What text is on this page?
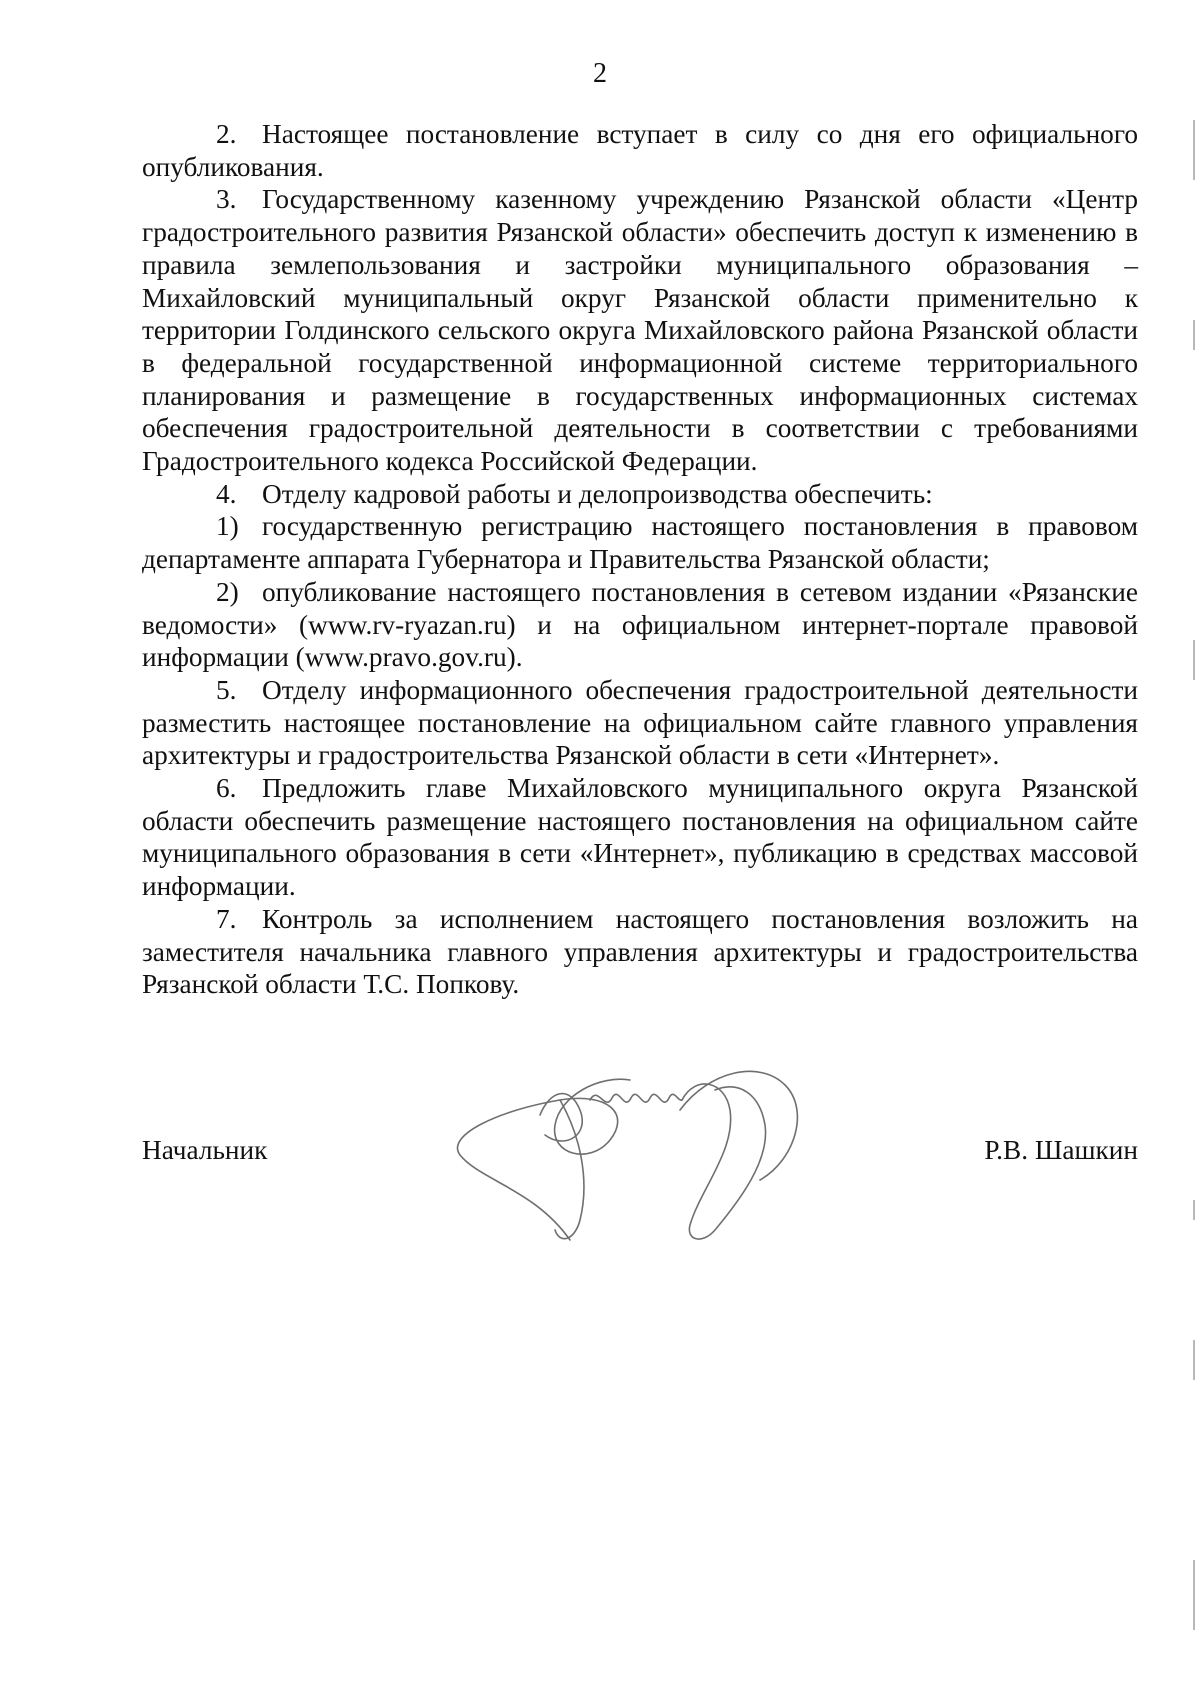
2

2. Настоящее постановление вступает в силу со дня его официального опубликования.

3. Государственному казенному учреждению Рязанской области «Центр градостроительного развития Рязанской области» обеспечить доступ к изменению в правила землепользования и застройки муниципального образования – Михайловский муниципальный округ Рязанской области применительно к территории Голдинского сельского округа Михайловского района Рязанской области в федеральной государственной информационной системе территориального планирования и размещение в государственных информационных системах обеспечения градостроительной деятельности в соответствии с требованиями Градостроительного кодекса Российской Федерации.

4. Отделу кадровой работы и делопроизводства обеспечить:

1) государственную регистрацию настоящего постановления в правовом департаменте аппарата Губернатора и Правительства Рязанской области;

2) опубликование настоящего постановления в сетевом издании «Рязанские ведомости» (www.rv-ryazan.ru) и на официальном интернет-портале правовой информации (www.pravo.gov.ru).

5. Отделу информационного обеспечения градостроительной деятельности разместить настоящее постановление на официальном сайте главного управления архитектуры и градостроительства Рязанской области в сети «Интернет».

6. Предложить главе Михайловского муниципального округа Рязанской области обеспечить размещение настоящего постановления на официальном сайте муниципального образования в сети «Интернет», публикацию в средствах массовой информации.

7. Контроль за исполнением настоящего постановления возложить на заместителя начальника главного управления архитектуры и градостроительства Рязанской области Т.С. Попкову.

Начальник	Р.В. Шашкин
